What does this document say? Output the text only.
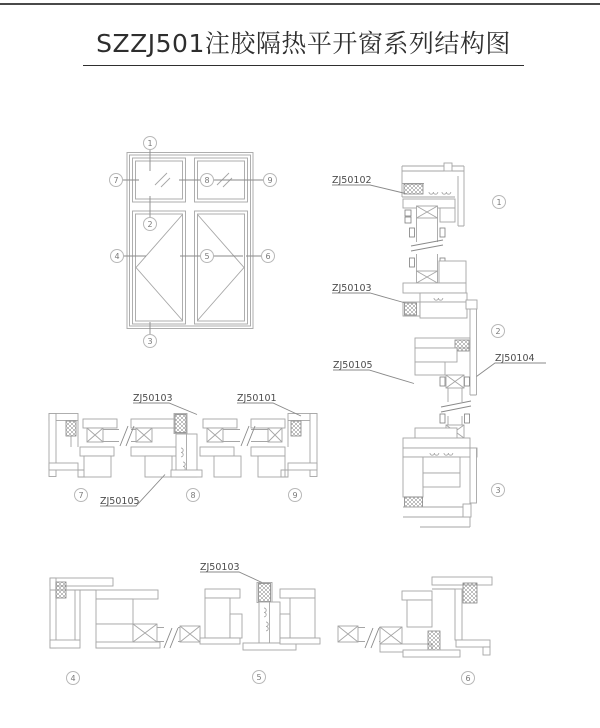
SZZJ501注胶隔热平开窗系列结构图
1
7	8	9
2
4	5	6
3
ZJ50102
ZJ50103
ZJ50105
ZJ50104
1
2
3
ZJ50103	ZJ50101
ZJ50105
7	8	9
ZJ50103
4	5	6
